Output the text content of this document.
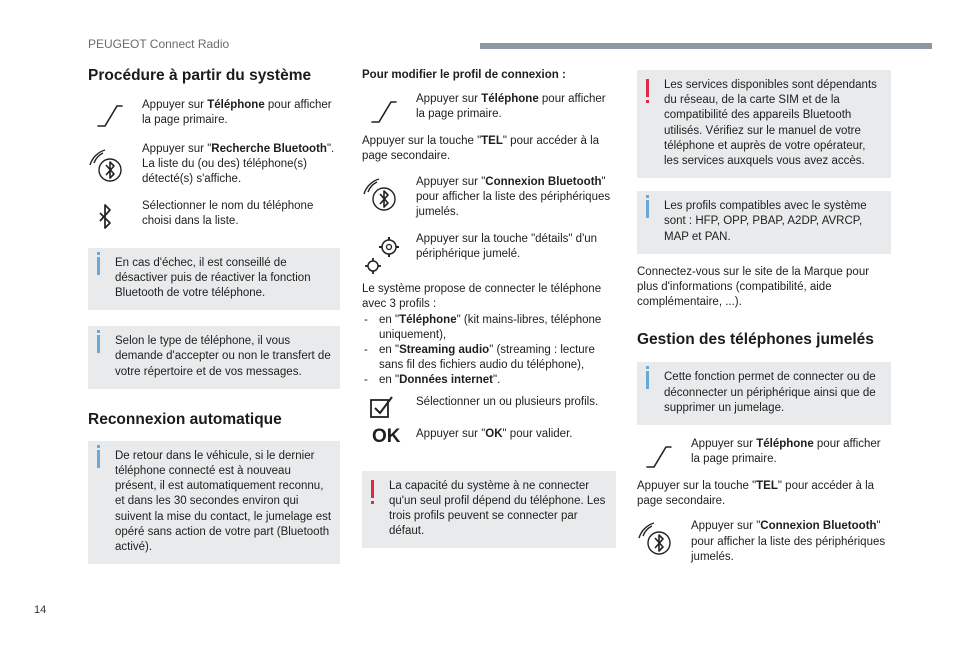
PEUGEOT Connect Radio
Procédure à partir du système

Appuyer sur Téléphone pour afficher la page primaire.

Appuyer sur "Recherche Bluetooth".

La liste du (ou des) téléphone(s) détecté(s) s'affiche.

Sélectionner le nom du téléphone choisi dans la liste.

En cas d'échec, il est conseillé de désactiver puis de réactiver la fonction Bluetooth de votre téléphone.

Selon le type de téléphone, il vous demande d'accepter ou non le transfert de votre répertoire et de vos messages.

Reconnexion automatique

De retour dans le véhicule, si le dernier téléphone connecté est à nouveau présent, il est automatiquement reconnu, et dans les 30 secondes environ qui suivent la mise du contact, le jumelage est opéré sans action de votre part (Bluetooth activé).

Pour modifier le profil de connexion :

Appuyer sur Téléphone pour afficher la page primaire.

Appuyer sur la touche "TEL" pour accéder à la page secondaire.

Appuyer sur "Connexion Bluetooth" pour afficher la liste des périphériques jumelés.

Appuyer sur la touche "détails" d'un périphérique jumelé.

Le système propose de connecter le téléphone avec 3 profils :

- en "Téléphone" (kit mains-libres, téléphone uniquement),
- en "Streaming audio" (streaming : lecture sans fil des fichiers audio du téléphone),
- en "Données internet".

Sélectionner un ou plusieurs profils.

OK	Appuyer sur "OK" pour valider.

La capacité du système à ne connecter qu'un seul profil dépend du téléphone. Les trois profils peuvent se connecter par défaut.

Les services disponibles sont dépendants du réseau, de la carte SIM et de la compatibilité des appareils Bluetooth utilisés. Vérifiez sur le manuel de votre téléphone et auprès de votre opérateur, les services auxquels vous avez accès.

Les profils compatibles avec le système sont : HFP, OPP, PBAP, A2DP, AVRCP, MAP et PAN.

Connectez-vous sur le site de la Marque pour plus d'informations (compatibilité, aide complémentaire, ...).

Gestion des téléphones jumelés

Cette fonction permet de connecter ou de déconnecter un périphérique ainsi que de supprimer un jumelage.

Appuyer sur Téléphone pour afficher la page primaire.

Appuyer sur la touche "TEL" pour accéder à la page secondaire.

Appuyer sur "Connexion Bluetooth" pour afficher la liste des périphériques jumelés.

14
